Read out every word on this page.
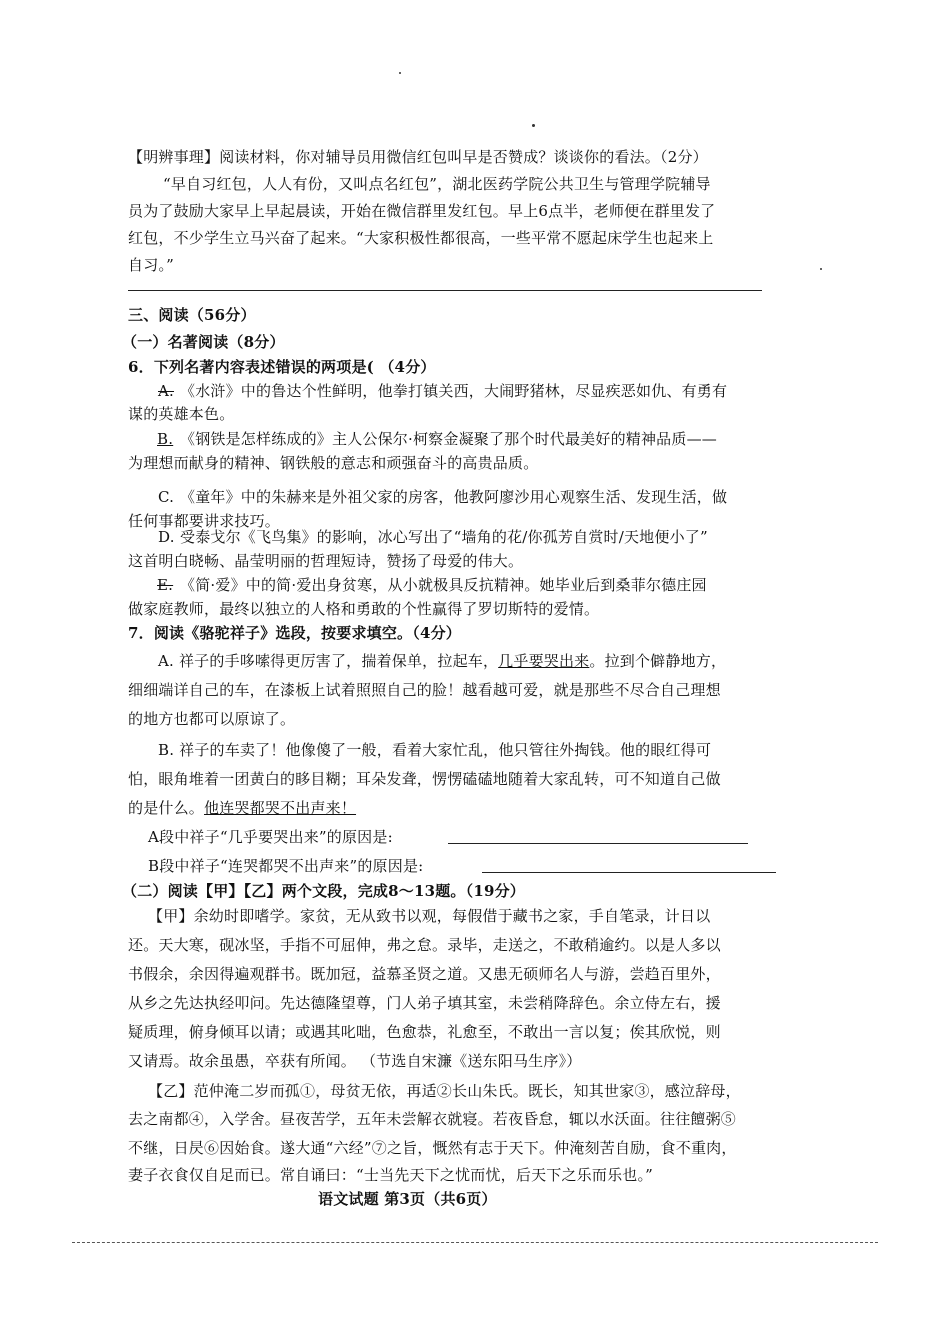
【明辨事理】阅读材料，你对辅导员用微信红包叫早是否赞成？谈谈你的看法。（2分）
“早自习红包，人人有份，又叫点名红包”，湖北医药学院公共卫生与管理学院辅导
员为了鼓励大家早上早起晨读，开始在微信群里发红包。早上6点半，老师便在群里发了
红包，不少学生立马兴奋了起来。“大家积极性都很高，一些平常不愿起床学生也起来上
自习。”
三、阅读（56分）
（一）名著阅读（8分）
6．下列名著内容表述错误的两项是( （4分）
A. 《水浒》中的鲁达个性鲜明，他拳打镇关西，大闹野猪林，尽显疾恶如仇、有勇有
谋的英雄本色。
B. 《钢铁是怎样练成的》主人公保尔·柯察金凝聚了那个时代最美好的精神品质——
为理想而献身的精神、钢铁般的意志和顽强奋斗的高贵品质。
C. 《童年》中的朱赫来是外祖父家的房客，他教阿廖沙用心观察生活、发现生活，做
任何事都要讲求技巧。
D. 受泰戈尔《飞鸟集》的影响，冰心写出了“墙角的花/你孤芳自赏时/天地便小了”
这首明白晓畅、晶莹明丽的哲理短诗，赞扬了母爱的伟大。
E. 《简·爱》中的简·爱出身贫寒，从小就极具反抗精神。她毕业后到桑菲尔德庄园
做家庭教师，最终以独立的人格和勇敢的个性赢得了罗切斯特的爱情。
7．阅读《骆驼祥子》选段，按要求填空。（4分）
A. 祥子的手哆嗦得更厉害了，揣着保单，拉起车，几乎要哭出来。拉到个僻静地方，
细细端详自己的车，在漆板上试着照照自己的脸！越看越可爱，就是那些不尽合自己理想
的地方也都可以原谅了。
B. 祥子的车卖了！他像傻了一般，看着大家忙乱，他只管往外掏钱。他的眼红得可
怕，眼角堆着一团黄白的眵目糊；耳朵发聋，愣愣磕磕地随着大家乱转，可不知道自己做
的是什么。他连哭都哭不出声来！
A段中祥子“几乎要哭出来”的原因是:
B段中祥子“连哭都哭不出声来”的原因是:
（二）阅读【甲】【乙】两个文段，完成8～13题。（19分）
【甲】余幼时即嗜学。家贫，无从致书以观，每假借于藏书之家，手自笔录，计日以
还。天大寒，砚冰坚，手指不可屈伸，弗之怠。录毕，走送之，不敢稍逾约。以是人多以
书假余，余因得遍观群书。既加冠，益慕圣贤之道。又患无硕师名人与游，尝趋百里外，
从乡之先达执经叩问。先达德隆望尊，门人弟子填其室，未尝稍降辞色。余立侍左右，援
疑质理，俯身倾耳以请；或遇其叱咄，色愈恭，礼愈至，不敢出一言以复；俟其欣悦，则
又请焉。故余虽愚，卒获有所闻。 （节选自宋濂《送东阳马生序》）
【乙】范仲淹二岁而孤①，母贫无依，再适②长山朱氏。既长，知其世家③，感泣辞母，
去之南都④，入学舍。昼夜苦学，五年未尝解衣就寝。若夜昏怠，辄以水沃面。往往饘粥⑤
不继，日昃⑥因始食。遂大通“六经”⑦之旨，慨然有志于天下。仲淹刻苦自励，食不重肉，
妻子衣食仅自足而已。常自诵曰：“士当先天下之忧而忧，后天下之乐而乐也。”
语文试题 第3页（共6页）
